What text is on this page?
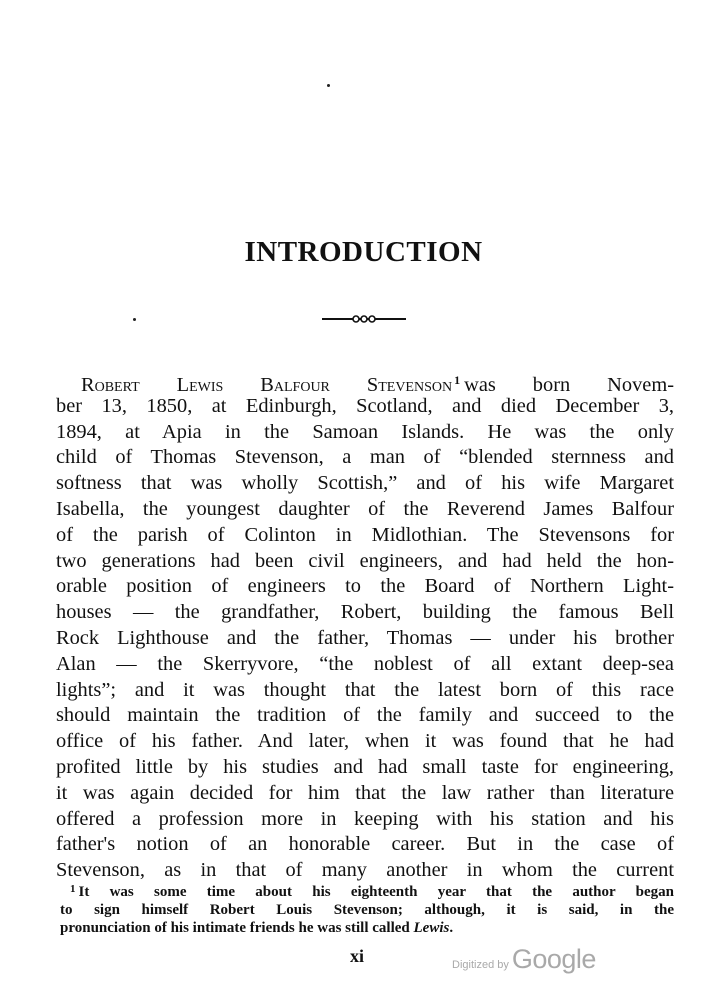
INTRODUCTION
Robert Lewis Balfour Stevenson $^1$ was born Novem-
ber 13, 1850, at Edinburgh, Scotland, and died December 3,
1894, at Apia in the Samoan Islands. He was the only
child of Thomas Stevenson, a man of “blended sternness and
softness that was wholly Scottish,” and of his wife Margaret
Isabella, the youngest daughter of the Reverend James Balfour
of the parish of Colinton in Midlothian. The Stevensons for
two generations had been civil engineers, and had held the hon-
orable position of engineers to the Board of Northern Light-
houses — the grandfather, Robert, building the famous Bell
Rock Lighthouse and the father, Thomas — under his brother
Alan — the Skerryvore, “the noblest of all extant deep-sea
lights”; and it was thought that the latest born of this race
should maintain the tradition of the family and succeed to the
office of his father. And later, when it was found that he had
profited little by his studies and had small taste for engineering,
it was again decided for him that the law rather than literature
offered a profession more in keeping with his station and his
father's notion of an honorable career. But in the case of
Stevenson, as in that of many another in whom the current
$^1$ It was some time about his eighteenth year that the author began
to sign himself Robert Louis Stevenson; although, it is said, in the
pronunciation of his intimate friends he was still called Lewis.
xi	Digitized by Google
